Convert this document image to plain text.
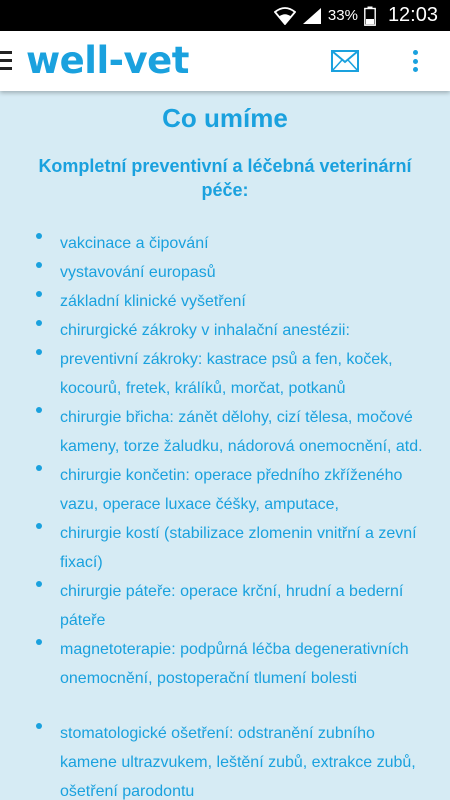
33% 12:03
well-vet
Co umíme
Kompletní preventivní a léčebná veterinární péče:
vakcinace a čipování
vystavování europasů
základní klinické vyšetření
chirurgické zákroky v inhalační anestézii:
preventivní zákroky: kastrace psů a fen, koček, kocourů, fretek, králíků, morčat, potkanů
chirurgie břicha: zánět dělohy, cizí tělesa, močové kameny, torze žaludku, nádorová onemocnění, atd.
chirurgie končetin: operace předního zkříženého vazu, operace luxace čéšky, amputace,
chirurgie kostí (stabilizace zlomenin vnitřní a zevní fixací)
chirurgie páteře: operace krční, hrudní a bederní páteře
magnetoterapie: podpůrná léčba degenerativních onemocnění, postoperační tlumení bolesti
stomatologické ošetření: odstranění zubního kamene ultrazvukem, leštění zubů, extrakce zubů, ošetření parodontu
